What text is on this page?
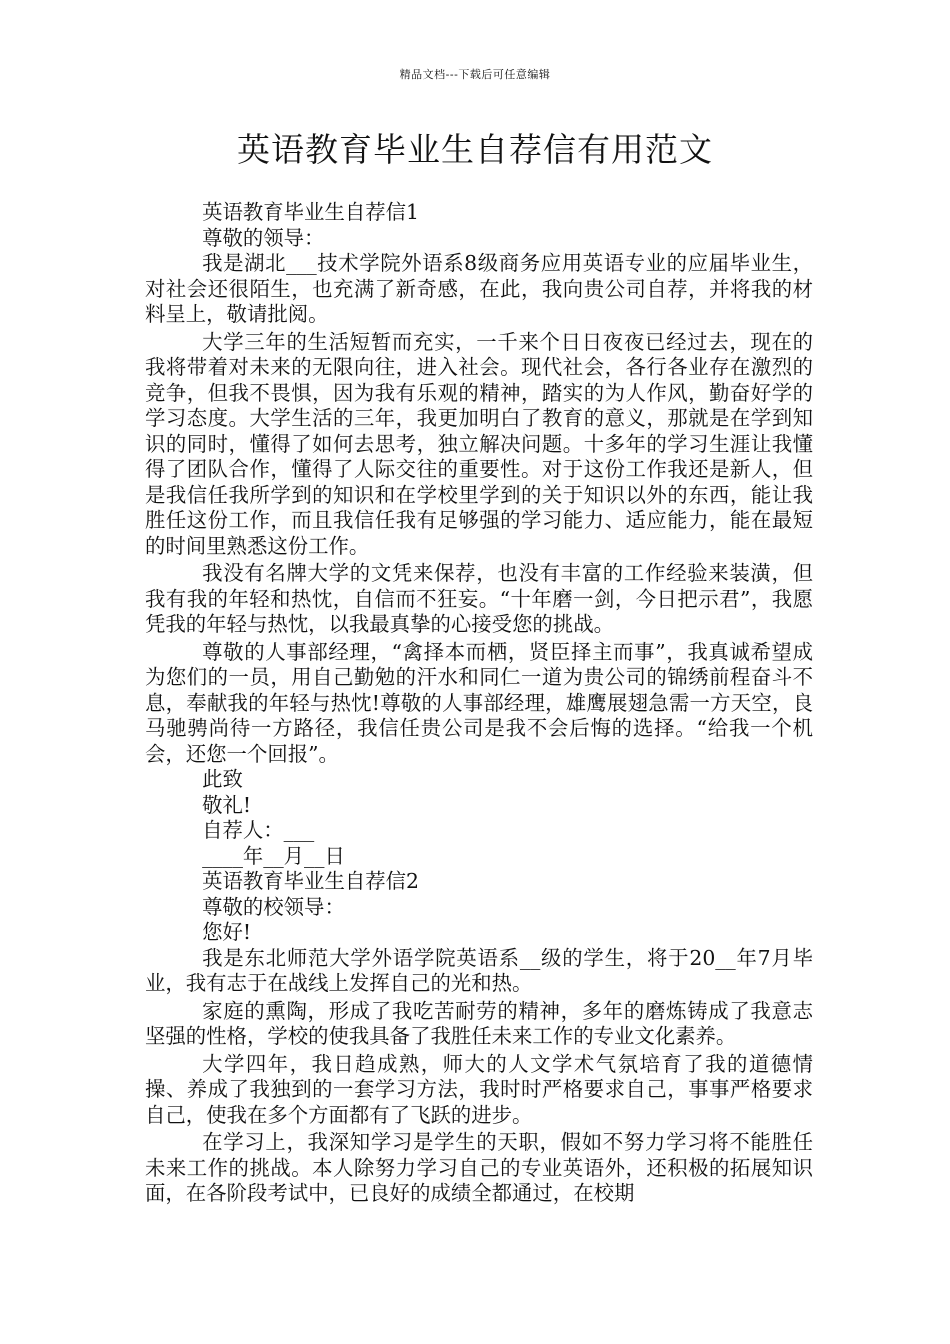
精品文档---下载后可任意编辑
英语教育毕业生自荐信有用范文

英语教育毕业生自荐信1

尊敬的领导：

我是湖北___技术学院外语系8级商务应用英语专业的应届毕业生，对社会还很陌生，也充满了新奇感，在此，我向贵公司自荐，并将我的材料呈上，敬请批阅。

大学三年的生活短暂而充实，一千来个日日夜夜已经过去，现在的我将带着对未来的无限向往，进入社会。现代社会，各行各业存在激烈的竞争，但我不畏惧，因为我有乐观的精神，踏实的为人作风，勤奋好学的学习态度。大学生活的三年，我更加明白了教育的意义，那就是在学到知识的同时，懂得了如何去思考，独立解决问题。十多年的学习生涯让我懂得了团队合作，懂得了人际交往的重要性。对于这份工作我还是新人，但是我信任我所学到的知识和在学校里学到的关于知识以外的东西，能让我胜任这份工作，而且我信任我有足够强的学习能力、适应能力，能在最短的时间里熟悉这份工作。

我没有名牌大学的文凭来保荐，也没有丰富的工作经验来装潢，但我有我的年轻和热忱，自信而不狂妄。“十年磨一剑，今日把示君”，我愿凭我的年轻与热忱，以我最真挚的心接受您的挑战。

尊敬的人事部经理，“禽择本而栖，贤臣择主而事”，我真诚希望成为您们的一员，用自己勤勉的汗水和同仁一道为贵公司的锦绣前程奋斗不息，奉献我的年轻与热忱!尊敬的人事部经理，雄鹰展翅急需一方天空，良马驰骋尚待一方路径，我信任贵公司是我不会后悔的选择。“给我一个机会，还您一个回报”。

此致

敬礼!

自荐人：___

____年__月__日

英语教育毕业生自荐信2

尊敬的校领导：

您好!

我是东北师范大学外语学院英语系__级的学生，将于20__年7月毕业，我有志于在战线上发挥自己的光和热。

家庭的熏陶，形成了我吃苦耐劳的精神，多年的磨炼铸成了我意志坚强的性格，学校的使我具备了我胜任未来工作的专业文化素养。

大学四年，我日趋成熟，师大的人文学术气氛培育了我的道德情操、养成了我独到的一套学习方法，我时时严格要求自己，事事严格要求自己，使我在多个方面都有了飞跃的进步。

在学习上，我深知学习是学生的天职，假如不努力学习将不能胜任未来工作的挑战。本人除努力学习自己的专业英语外，还积极的拓展知识面，在各阶段考试中，已良好的成绩全都通过，在校期
